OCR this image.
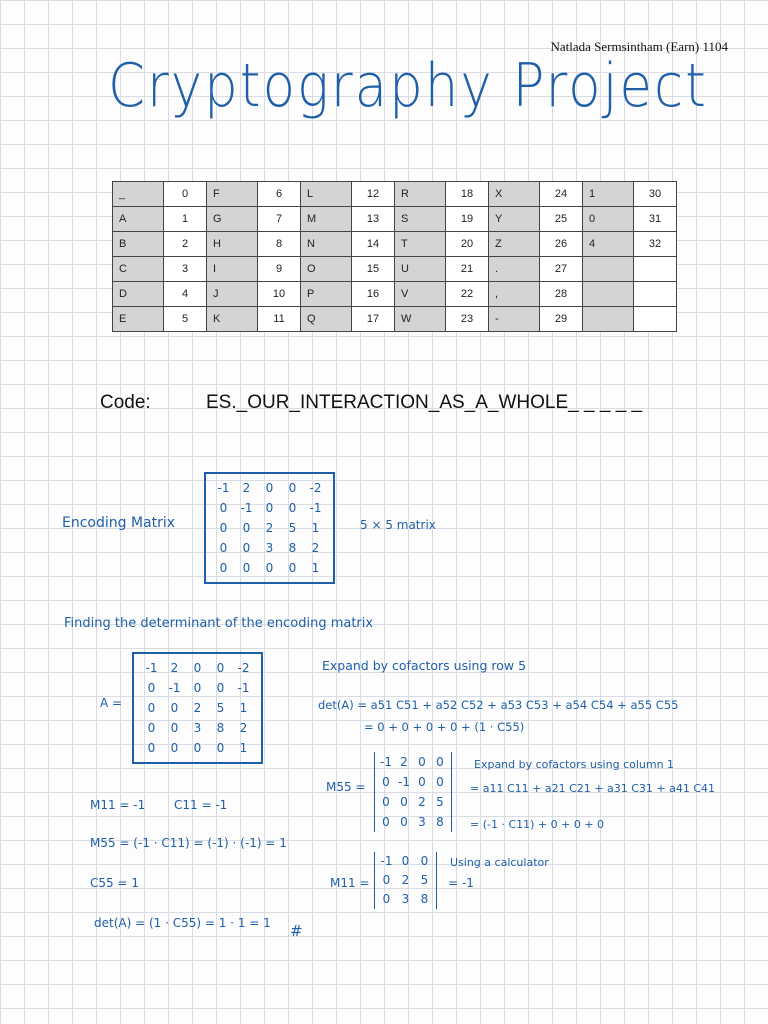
Natlada Sermsintham (Earn) 1104
Cryptography Project
_	0	F	6	L	12	R	18	X	24	1	30
A	1	G	7	M	13	S	19	Y	25	0	31
B	2	H	8	N	14	T	20	Z	26	4	32
C	3	I	9	O	15	U	21	.	27		
D	4	J	10	P	16	V	22	,	28		
E	5	K	11	Q	17	W	23	-	29		
Code:	ES._OUR_INTERACTION_AS_A_WHOLE_ _ _ _ _
Encoding Matrix
-1	2	0	0	-2
0	-1	0	0	-1
0	0	2	5	1
0	0	3	8	2
0	0	0	0	1
5 × 5 matrix
Finding the determinant of the encoding matrix
A =
-1	2	0	0	-2
0	-1	0	0	-1
0	0	2	5	1
0	0	3	8	2
0	0	0	0	1
Expand by cofactors using row 5
det(A) = a51 C51 + a52 C52 + a53 C53 + a54 C54 + a55 C55
= 0 + 0 + 0 + 0 + (1 · C55)
M55 =
-1 2 0 0
0 -1 0 0
0 0 2 5
0 0 3 8
Expand by cofactors using column 1
= a11 C11 + a21 C21 + a31 C31 + a41 C41
= (-1 · C11) + 0 + 0 + 0
M11 =
-1 0 0
0 2 5
0 3 8
Using a calculator
= -1
M11 = -1 C11 = -1
M55 = (-1 · C11) = (-1) · (-1) = 1
C55 = 1
det(A) = (1 · C55) = 1 · 1 = 1 #
